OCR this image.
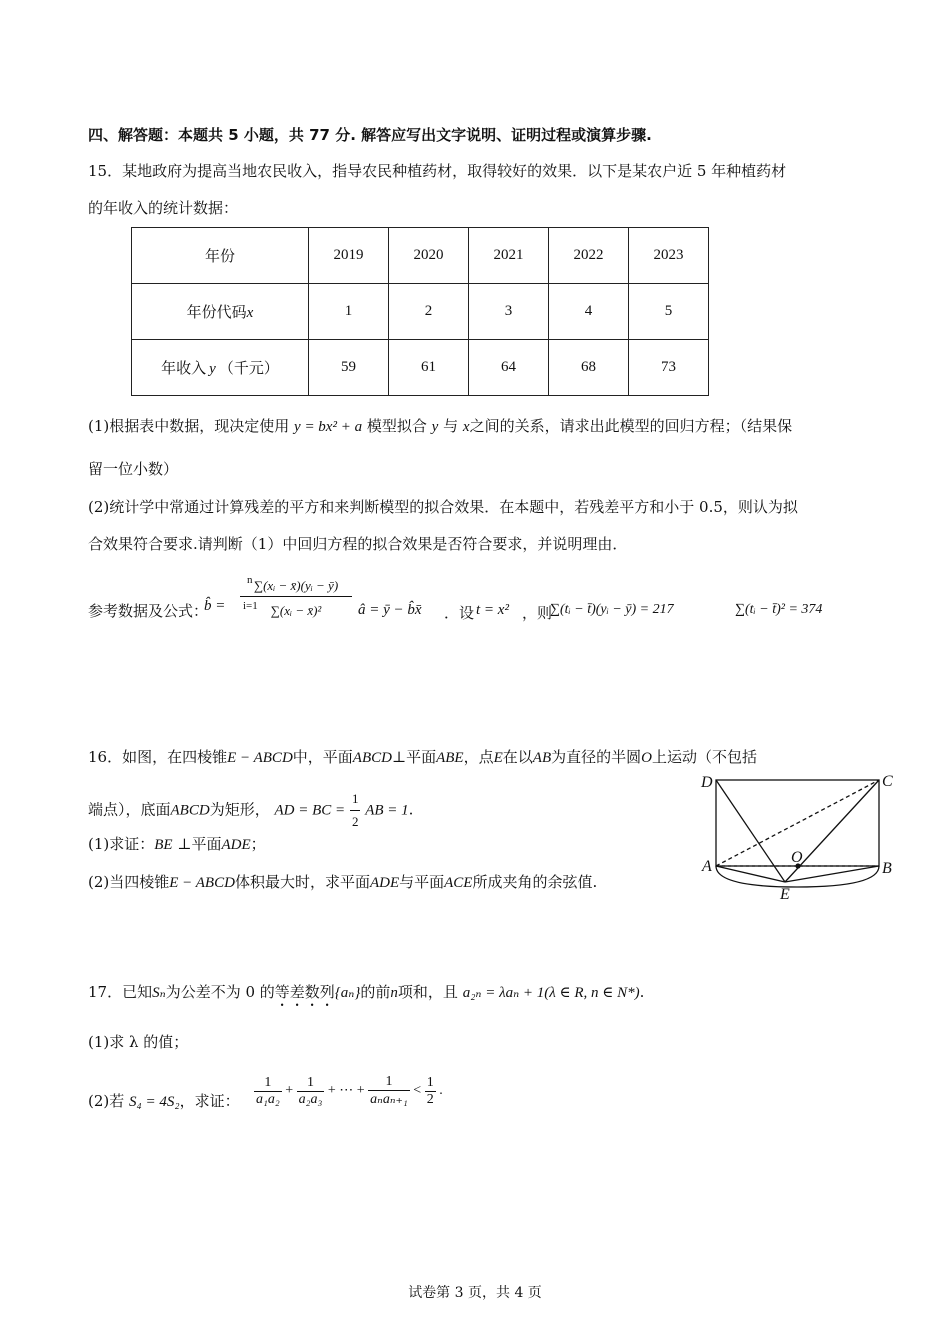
四、解答题：本题共 5 小题，共 77 分. 解答应写出文字说明、证明过程或演算步骤.
15．某地政府为提高当地农民收入，指导农民种植药材，取得较好的效果．以下是某农户近 5 年种植药材
的年收入的统计数据：
年份	2019	2020	2021	2022	2023
年份代码x	1	2	3	4	5
年收入 y （千元）	59	61	64	68	73
(1)根据表中数据，现决定使用 y = bx² + a 模型拟合 y 与 x之间的关系，请求出此模型的回归方程；（结果保
留一位小数）
(2)统计学中常通过计算残差的平方和来判断模型的拟合效果．在本题中，若残差平方和小于 0.5，则认为拟
合效果符合要求.请判断（1）中回归方程的拟合效果是否符合要求，并说明理由．
参考数据及公式：
b̂ = $\frac{\text{∑(xᵢ − x̄)(yᵢ − ȳ)}}{\text{∑(xᵢ − x̄)²}}$
n
i=1	â = ȳ − b̂x̄ ．设 t = x² ，则
∑(tᵢ − t̄)(yᵢ − ȳ) = 217	∑(tᵢ − t̄)² = 374
16．如图，在四棱锥E − ABCD中，平面ABCD⊥平面ABE，点E在以AB为直径的半圆O上运动（不包括
端点），底面ABCD为矩形， AD = BC = $\frac{1}{2}$ AB = 1.
(1)求证：BE ⊥平面ADE；
(2)当四棱锥E − ABCD体积最大时，求平面ADE与平面ACE所成夹角的余弦值.
D	C
A	B
O
E
17．已知Sₙ为公差不为 0 的等差数列{aₙ}的前n项和，且 a₂ₙ = λaₙ + 1(λ ∈ R, n ∈ N*).
(1)求 λ 的值；
(2)若 S₄ = 4S₂，求证： $\frac{1}{\text{a₁a₂}} + \frac{1}{\text{a₂a₃}}$ + ⋯ + $\frac{1}{\text{aₙaₙ₊₁}} < \frac{1}{2}$ .
试卷第 3 页，共 4 页
